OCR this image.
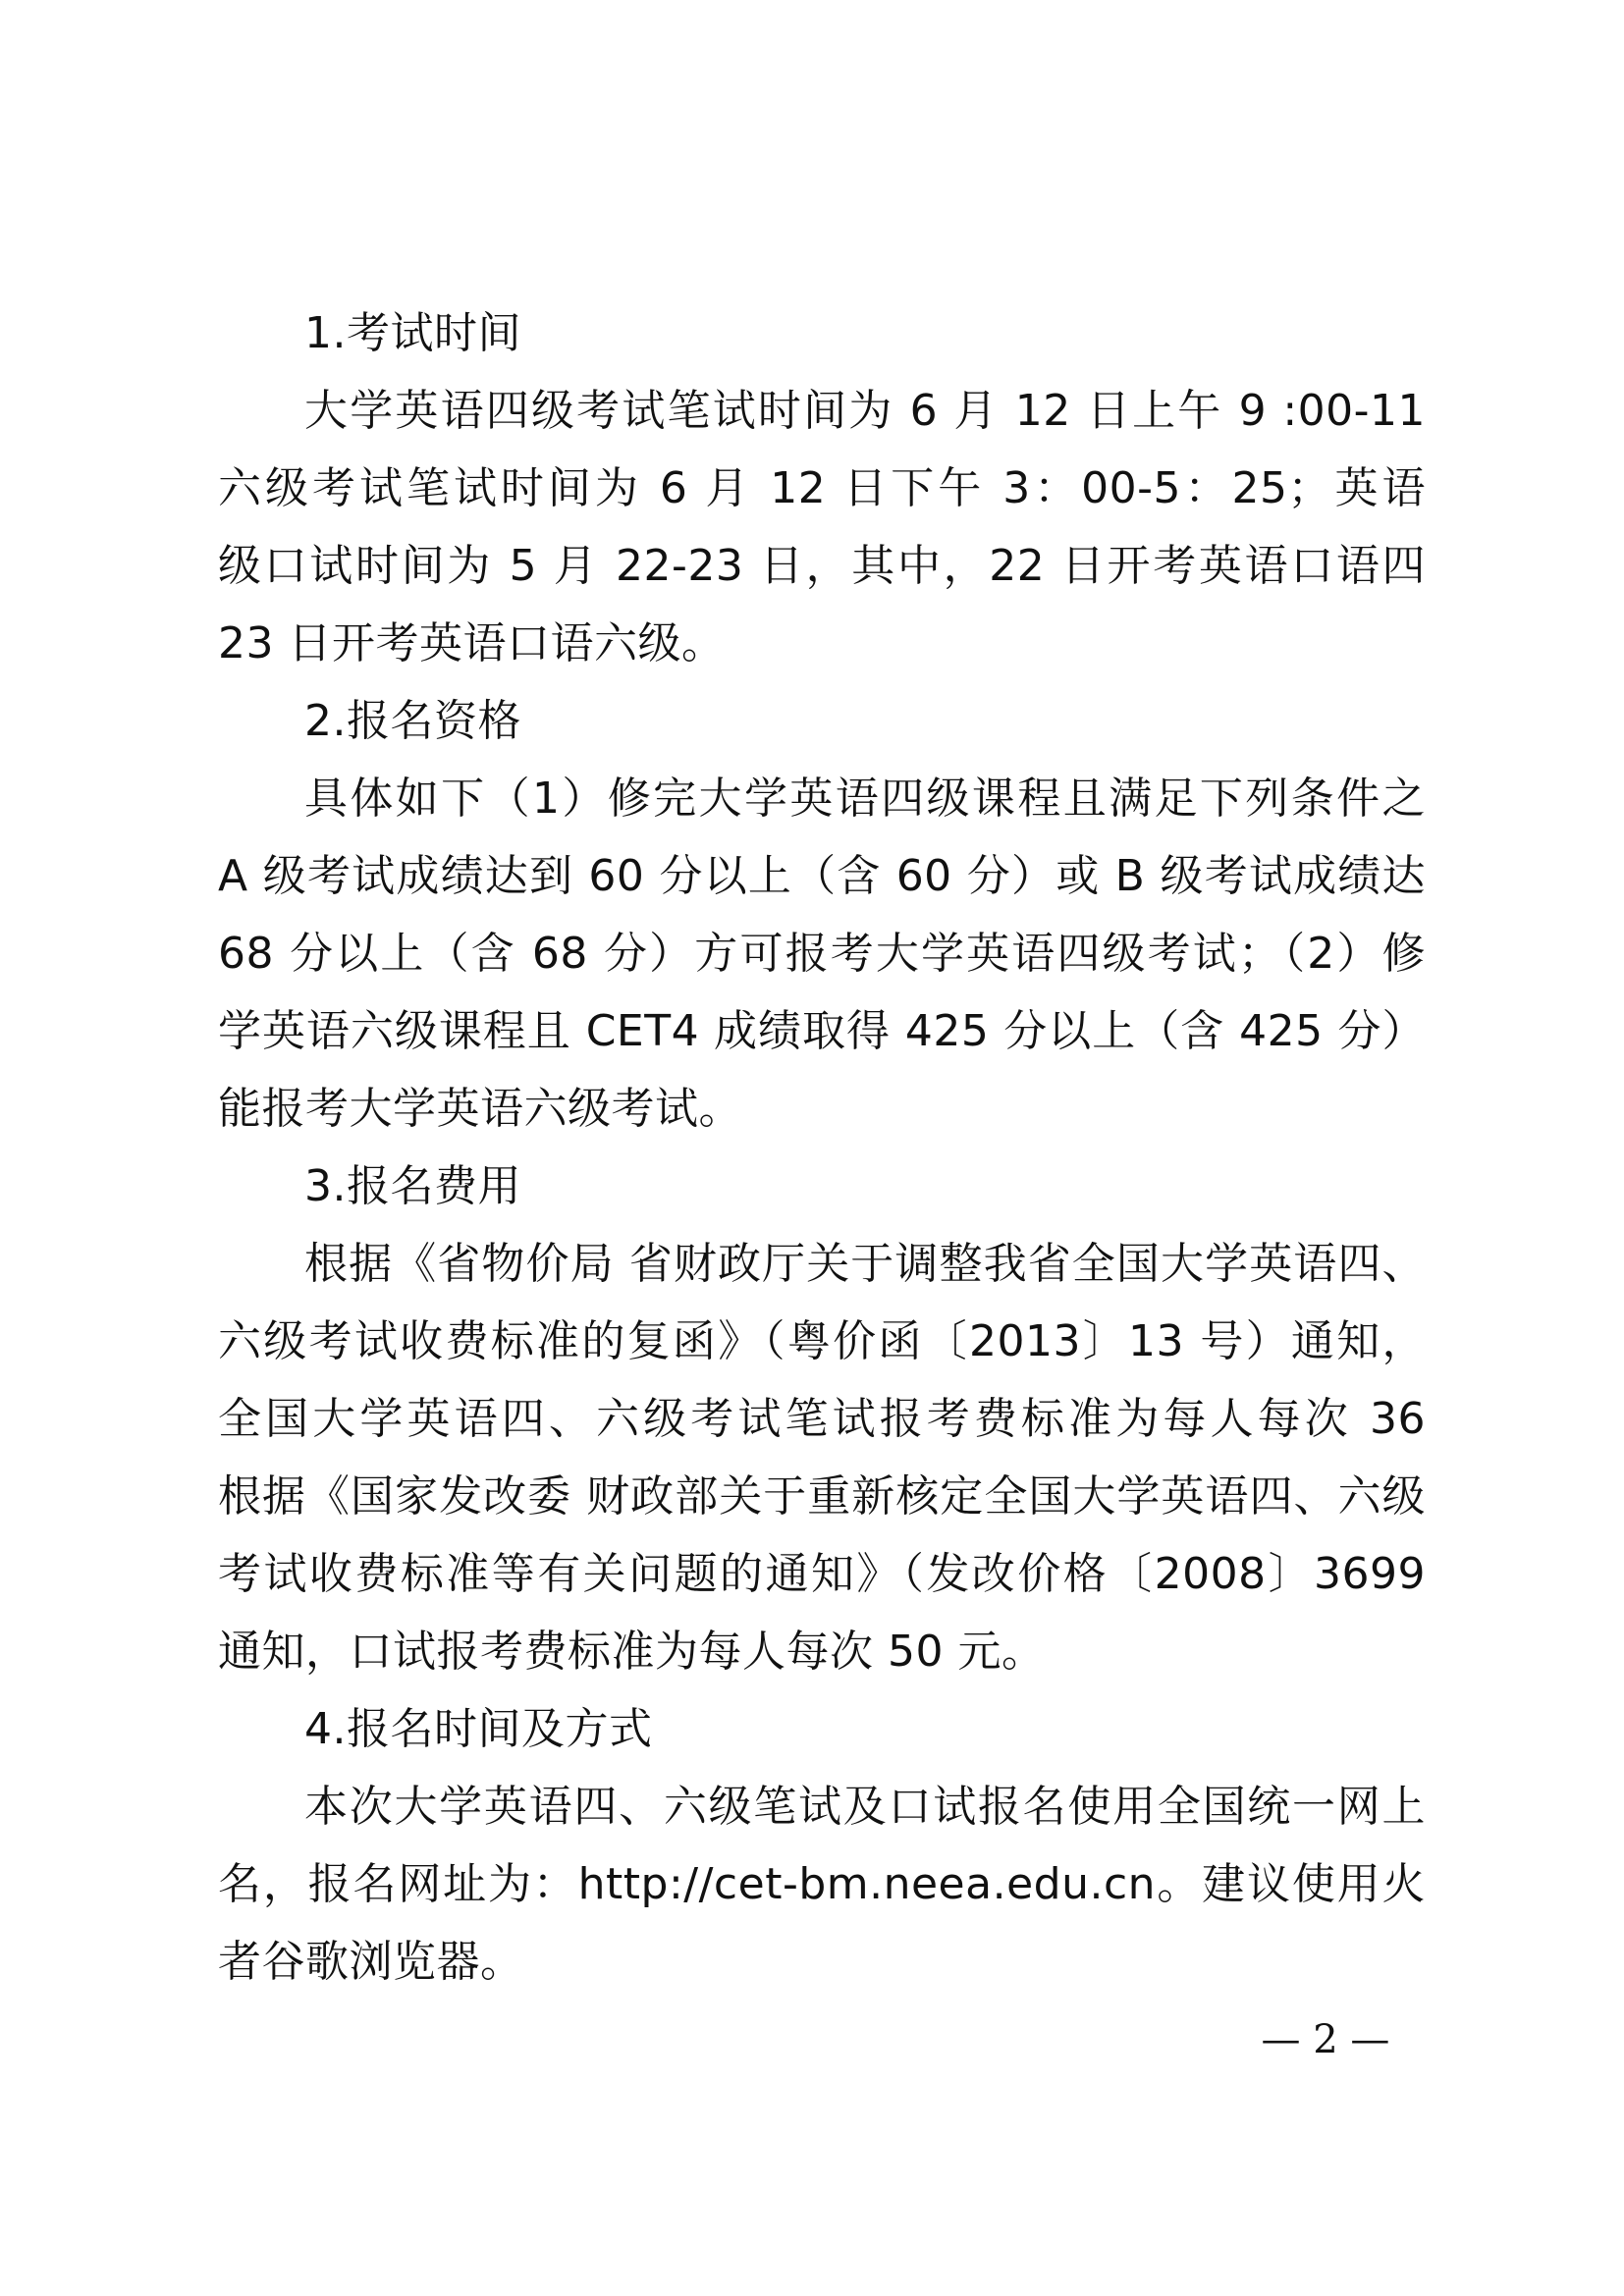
1.考试时间
大学英语四级考试笔试时间为 6 月 12 日上午 9 :00-11
六级考试笔试时间为 6 月 12 日下午 3：00-5：25；英语
级口试时间为 5 月 22-23 日，其中，22 日开考英语口语四
23 日开考英语口语六级。
2.报名资格
具体如下（1）修完大学英语四级课程且满足下列条件之
A 级考试成绩达到 60 分以上（含 60 分）或 B 级考试成绩达
68 分以上（含 68 分）方可报考大学英语四级考试；（2）修
学英语六级课程且 CET4 成绩取得 425 分以上（含 425 分）
能报考大学英语六级考试。
3.报名费用
根据《省物价局 省财政厅关于调整我省全国大学英语四、
六级考试收费标准的复函》（粤价函〔2013〕13 号）通知，
全国大学英语四、六级考试笔试报考费标准为每人每次 36
根据《国家发改委 财政部关于重新核定全国大学英语四、六级
考试收费标准等有关问题的通知》（发改价格〔2008〕3699
通知，口试报考费标准为每人每次 50 元。
4.报名时间及方式
本次大学英语四、六级笔试及口试报名使用全国统一网上
名，报名网址为：http://cet-bm.neea.edu.cn。建议使用火
者谷歌浏览器。
— 2 —
